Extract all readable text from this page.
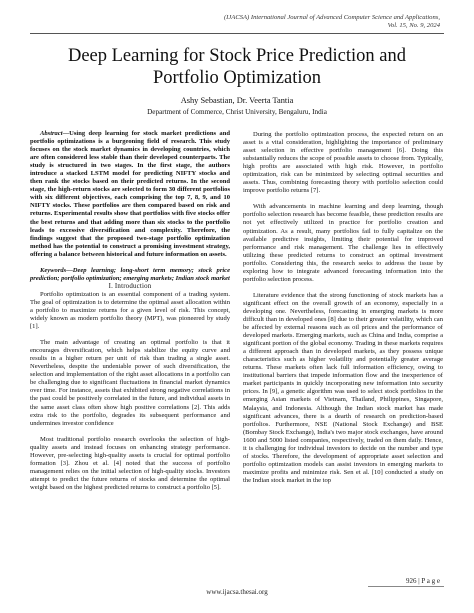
(IJACSA) International Journal of Advanced Computer Science and Applications,
Vol. 15, No. 9, 2024
Deep Learning for Stock Price Prediction and
Portfolio Optimization
Ashy Sebastian, Dr. Veerta Tantia
Department of Commerce, Christ University, Bengaluru, India

Abstract—Using deep learning for stock market predictions and portfolio optimizations is a burgeoning field of research. This study focuses on the stock market dynamics in developing countries, which are often considered less stable than their developed counterparts. The study is structured in two stages. In the first stage, the authors introduce a stacked LSTM model for predicting NIFTY stocks and then rank the stocks based on their predicted returns. In the second stage, the high-return stocks are selected to form 30 different portfolios with six different objectives, each comprising the top 7, 8, 9, and 10 NIFTY stocks. These portfolios are then compared based on risk and returns. Experimental results show that portfolios with five stocks offer the best returns and that adding more than six stocks to the portfolio leads to excessive diversification and complexity. Therefore, the findings suggest that the proposed two-stage portfolio optimization method has the potential to construct a promising investment strategy, offering a balance between historical and future information on assets.

Keywords—Deep learning; long-short term memory; stock price prediction; portfolio optimization; emerging markets; Indian stock market

I. Introduction

Portfolio optimization is an essential component of a trading system. The goal of optimization is to determine the optimal asset allocation within a portfolio to maximize returns for a given level of risk. This concept, widely known as modern portfolio theory (MPT), was pioneered by study [1].

The main advantage of creating an optimal portfolio is that it encourages diversification, which helps stabilize the equity curve and results in a higher return per unit of risk than trading a single asset. Nevertheless, despite the undeniable power of such diversification, the selection and implementation of the right asset allocations in a portfolio can be challenging due to significant fluctuations in financial market dynamics over time. For instance, assets that exhibited strong negative correlations in the past could be positively correlated in the future, and individual assets in the same asset class often show high positive correlations [2]. This adds extra risk to the portfolio, degrades its subsequent performance and undermines investor confidence

Most traditional portfolio research overlooks the selection of high-quality assets and instead focuses on enhancing strategy performance. However, pre-selecting high-quality assets is crucial for optimal portfolio formation [3]. Zhou et al. [4] noted that the success of portfolio management relies on the initial selection of high-quality stocks. Investors attempt to predict the future returns of stocks and determine the optimal weight based on the highest predicted returns to construct a portfolio [5].

During the portfolio optimization process, the expected return on an asset is a vital consideration, highlighting the importance of preliminary asset selection in effective portfolio management [6]. Doing this substantially reduces the scope of possible assets to choose from. Typically, high profits are associated with high risk. However, in portfolio optimization, risk can be minimized by selecting optimal securities and assets. Thus, combining forecasting theory with portfolio selection could improve portfolio returns [7].

With advancements in machine learning and deep learning, though portfolio selection research has become feasible, these prediction results are not yet effectively utilized in practice for portfolio creation and optimization. As a result, many portfolios fail to fully capitalize on the available predictive insights, limiting their potential for improved performance and risk management. The challenge lies in effectively utilizing these predicted returns to construct an optimal investment portfolio. Considering this, the research seeks to address the issue by exploring how to integrate advanced forecasting information into the portfolio selection process.

Literature evidence that the strong functioning of stock markets has a significant effect on the overall growth of an economy, especially in a developing one. Nevertheless, forecasting in emerging markets is more difficult than in developed ones [8] due to their greater volatility, which can be affected by external reasons such as oil prices and the performance of developed markets. Emerging markets, such as China and India, comprise a significant portion of the global economy. Trading in these markets requires a different approach than in developed markets, as they possess unique characteristics such as higher volatility and potentially greater average returns. These markets often lack full information efficiency, owing to institutional barriers that impede information flow and the inexperience of market participants in quickly incorporating new information into security prices. In [9], a genetic algorithm was used to select stock portfolios in the emerging Asian markets of Vietnam, Thailand, Philippines, Singapore, Malaysia, and Indonesia. Although the Indian stock market has made significant advances, there is a dearth of research on prediction-based portfolios. Furthermore, NSE (National Stock Exchange) and BSE (Bombay Stock Exchange), India's two major stock exchanges, have around 1600 and 5000 listed companies, respectively, traded on them daily. Hence, it is challenging for individual investors to decide on the number and type of stocks. Therefore, the development of appropriate asset selection and portfolio optimization models can assist investors in emerging markets to maximize profits and minimize risk. Sen et al. [10] conducted a study on the Indian stock market in the top

926 | P a g e
www.ijacsa.thesai.org
